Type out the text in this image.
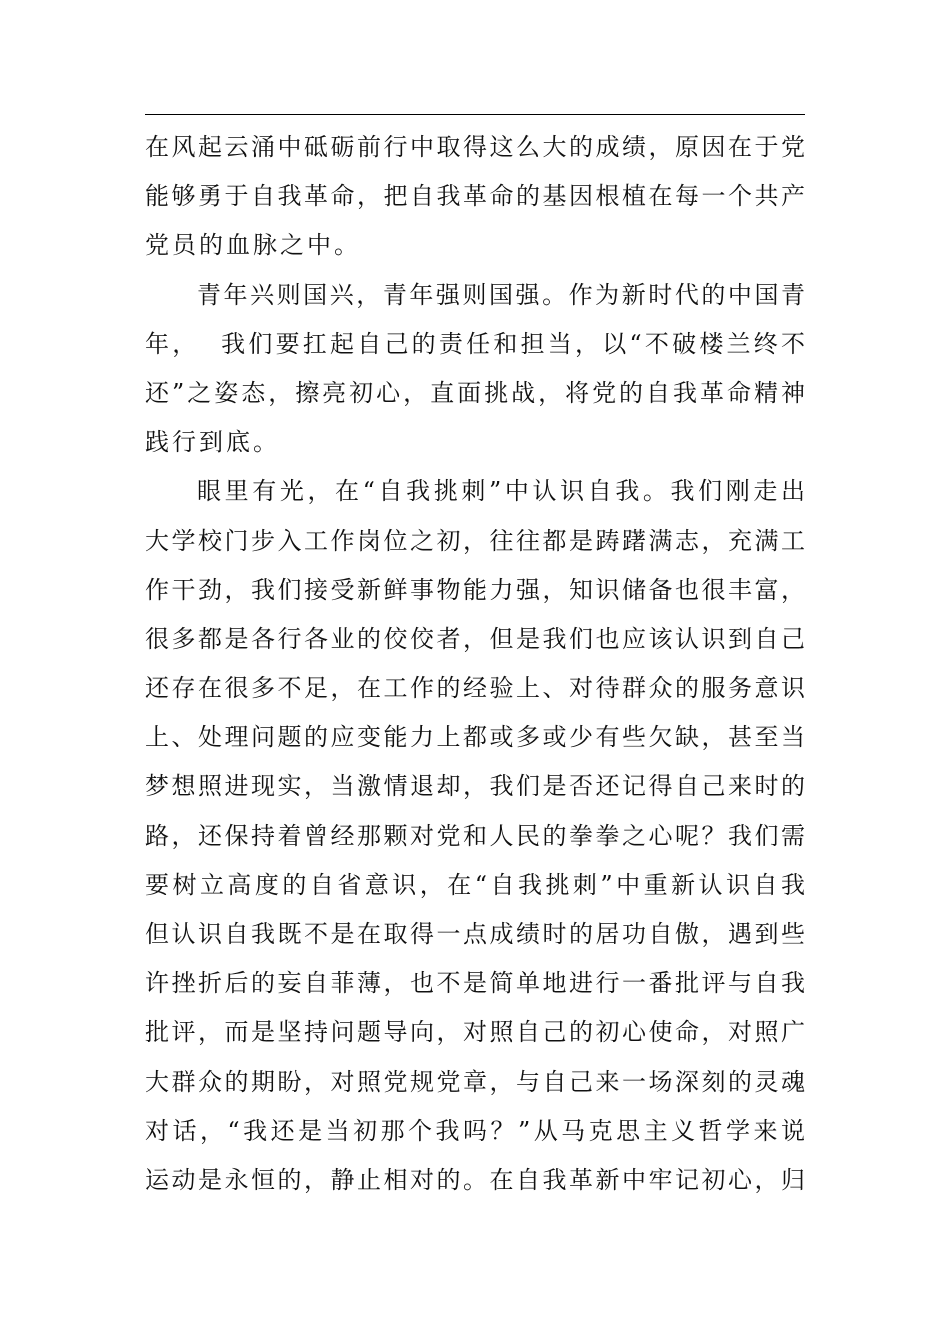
在风起云涌中砥砺前行中取得这么大的成绩，原因在于党
能够勇于自我革命，把自我革命的基因根植在每一个共产
党员的血脉之中。
青年兴则国兴，青年强则国强。作为新时代的中国青
年，  我们要扛起自己的责任和担当，以“不破楼兰终不
还”之姿态，擦亮初心，直面挑战，将党的自我革命精神
践行到底。
眼里有光，在“自我挑刺”中认识自我。我们刚走出
大学校门步入工作岗位之初，往往都是踌躇满志，充满工
作干劲，我们接受新鲜事物能力强，知识储备也很丰富，
很多都是各行各业的佼佼者，但是我们也应该认识到自己
还存在很多不足，在工作的经验上、对待群众的服务意识
上、处理问题的应变能力上都或多或少有些欠缺，甚至当
梦想照进现实，当激情退却，我们是否还记得自己来时的
路，还保持着曾经那颗对党和人民的拳拳之心呢？我们需
要树立高度的自省意识，在“自我挑刺”中重新认识自我
但认识自我既不是在取得一点成绩时的居功自傲，遇到些
许挫折后的妄自菲薄，也不是简单地进行一番批评与自我
批评，而是坚持问题导向，对照自己的初心使命，对照广
大群众的期盼，对照党规党章，与自己来一场深刻的灵魂
对话，“我还是当初那个我吗？”从马克思主义哲学来说
运动是永恒的，静止相对的。在自我革新中牢记初心，归
